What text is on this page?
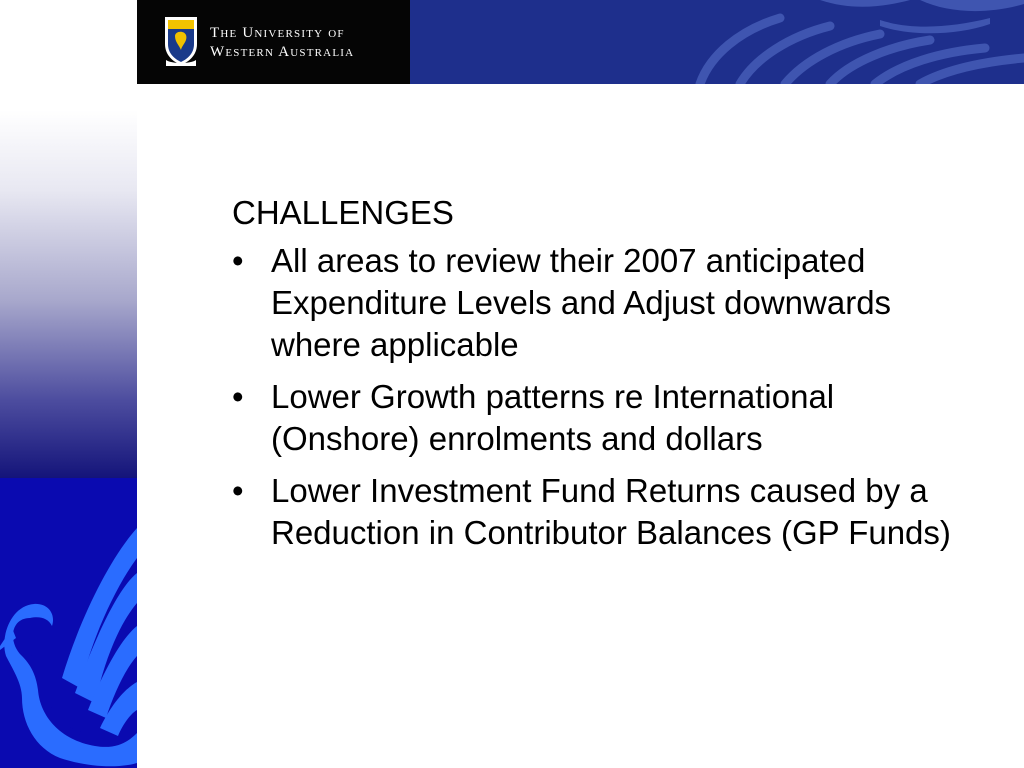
The University of
Western Australia
CHALLENGES
• All areas to review their 2007 anticipated Expenditure Levels and Adjust downwards where applicable
• Lower Growth patterns re International (Onshore) enrolments and dollars
• Lower Investment Fund Returns caused by a Reduction in Contributor Balances (GP Funds)
